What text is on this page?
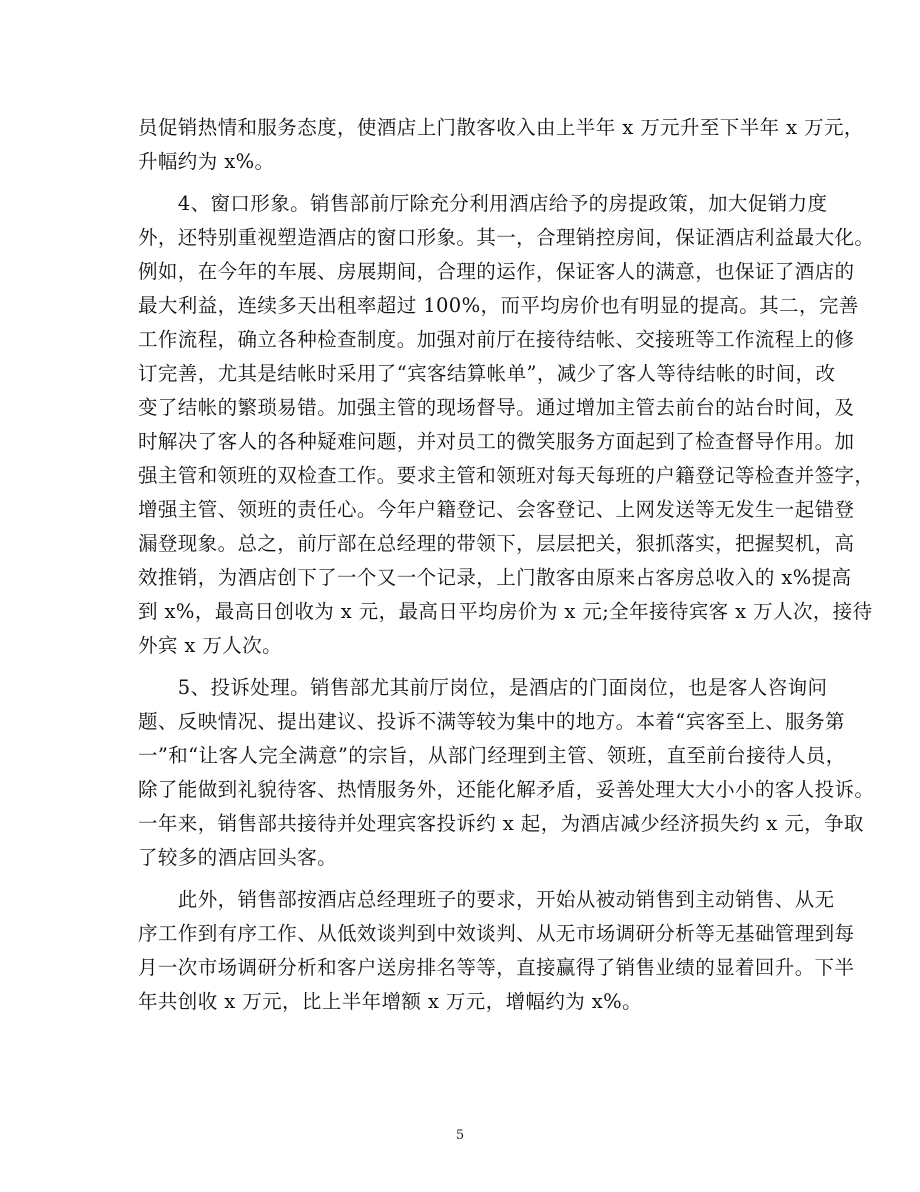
员促销热情和服务态度，使酒店上门散客收入由上半年 x 万元升至下半年 x 万元，
升幅约为 x%。
　　4、窗口形象。销售部前厅除充分利用酒店给予的房提政策，加大促销力度
外，还特别重视塑造酒店的窗口形象。其一，合理销控房间，保证酒店利益最大化。
例如，在今年的车展、房展期间，合理的运作，保证客人的满意，也保证了酒店的
最大利益，连续多天出租率超过 100%，而平均房价也有明显的提高。其二，完善
工作流程，确立各种检查制度。加强对前厅在接待结帐、交接班等工作流程上的修
订完善，尤其是结帐时采用了“宾客结算帐单”，减少了客人等待结帐的时间，改
变了结帐的繁琐易错。加强主管的现场督导。通过增加主管去前台的站台时间，及
时解决了客人的各种疑难问题，并对员工的微笑服务方面起到了检查督导作用。加
强主管和领班的双检查工作。要求主管和领班对每天每班的户籍登记等检查并签字，
增强主管、领班的责任心。今年户籍登记、会客登记、上网发送等无发生一起错登
漏登现象。总之，前厅部在总经理的带领下，层层把关，狠抓落实，把握契机，高
效推销，为酒店创下了一个又一个记录，上门散客由原来占客房总收入的 x%提高
到 x%，最高日创收为 x 元，最高日平均房价为 x 元;全年接待宾客 x 万人次，接待
外宾 x 万人次。
　　5、投诉处理。销售部尤其前厅岗位，是酒店的门面岗位，也是客人咨询问
题、反映情况、提出建议、投诉不满等较为集中的地方。本着“宾客至上、服务第
一”和“让客人完全满意”的宗旨，从部门经理到主管、领班，直至前台接待人员，
除了能做到礼貌待客、热情服务外，还能化解矛盾，妥善处理大大小小的客人投诉。
一年来，销售部共接待并处理宾客投诉约 x 起，为酒店减少经济损失约 x 元，争取
了较多的酒店回头客。
　　此外，销售部按酒店总经理班子的要求，开始从被动销售到主动销售、从无
序工作到有序工作、从低效谈判到中效谈判、从无市场调研分析等无基础管理到每
月一次市场调研分析和客户送房排名等等，直接赢得了销售业绩的显着回升。下半
年共创收 x 万元，比上半年增额 x 万元，增幅约为 x%。
5
